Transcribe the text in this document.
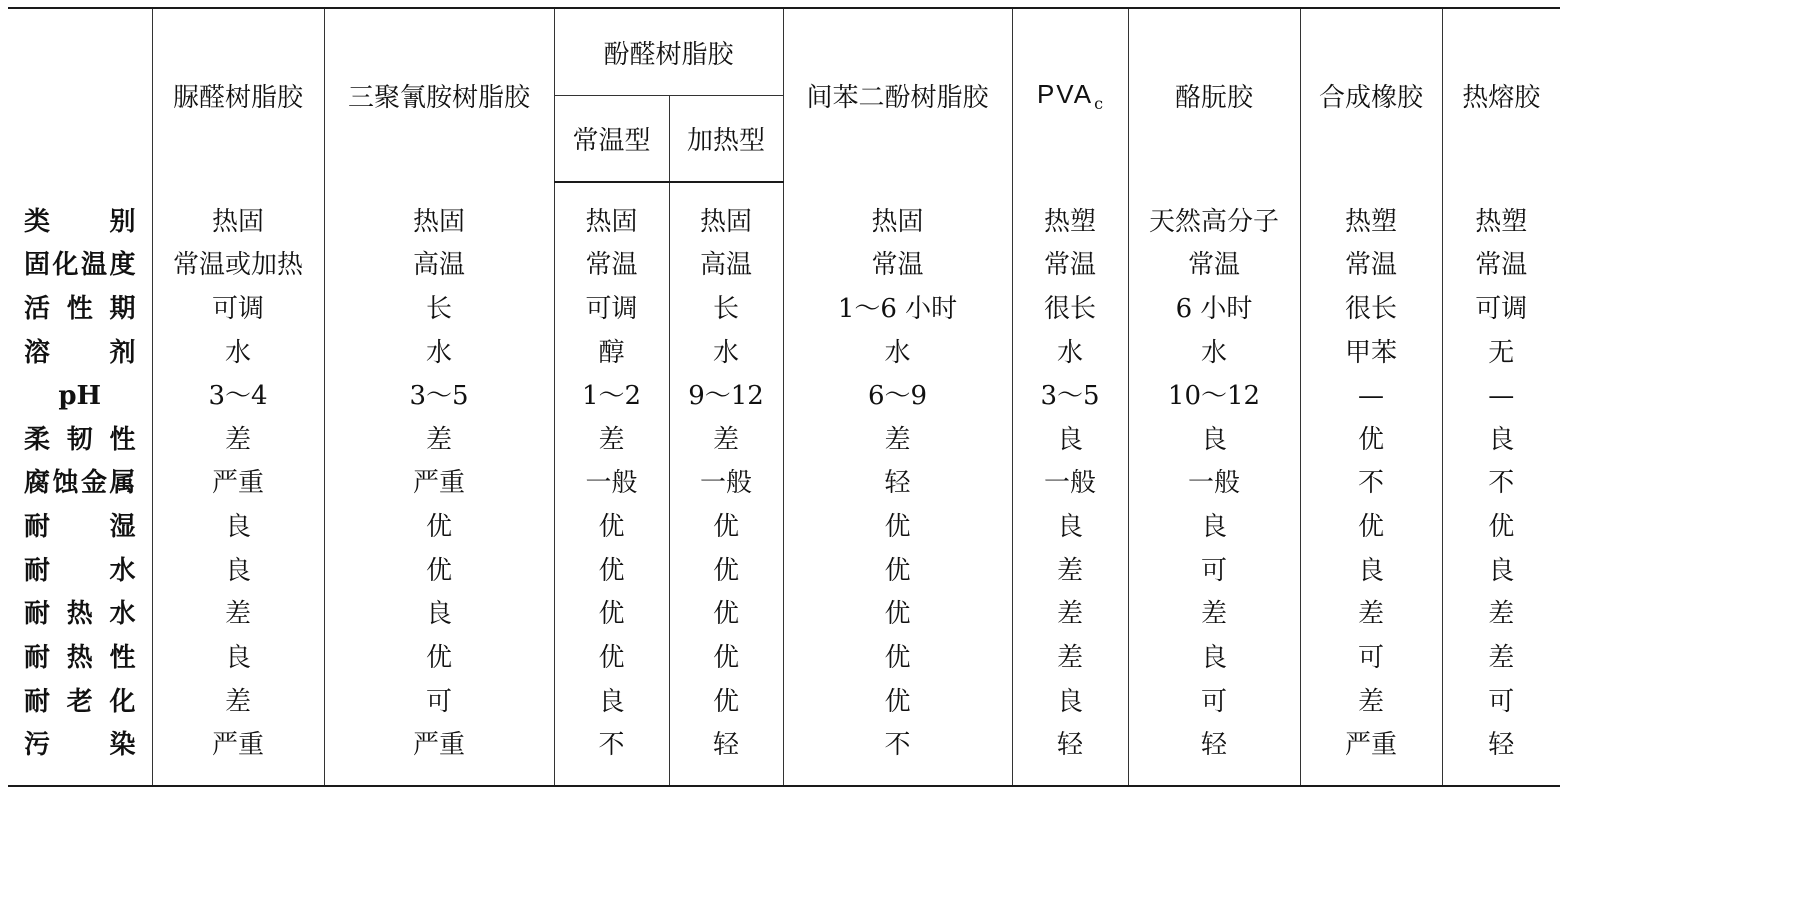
	脲醛树脂胶	三聚氰胺树脂胶	酚醛树脂胶		间苯二酚树脂胶	$PVA_c$	酪朊胶	合成橡胶	热熔胶
			常温型	加热型					

类别	热固	热固	热固	热固	热固	热塑	天然高分子	热塑	热塑
固化温度	常温或加热	高温	常温	高温	常温	常温	常温	常温	常温
活性期	可调	长	可调	长	1～6 小时	很长	6 小时	很长	可调
溶剂	水	水	醇	水	水	水	水	甲苯	无
pH	3～4	3～5	1～2	9～12	6～9	3～5	10～12	—	—
柔韧性	差	差	差	差	差	良	良	优	良
腐蚀金属	严重	严重	一般	一般	轻	一般	一般	不	不
耐湿	良	优	优	优	优	良	良	优	优
耐水	良	优	优	优	优	差	可	良	良
耐热水	差	良	优	优	优	差	差	差	差
耐热性	良	优	优	优	优	差	良	可	差
耐老化	差	可	良	优	优	良	可	差	可
污染	严重	严重	不	轻	不	轻	轻	严重	轻
